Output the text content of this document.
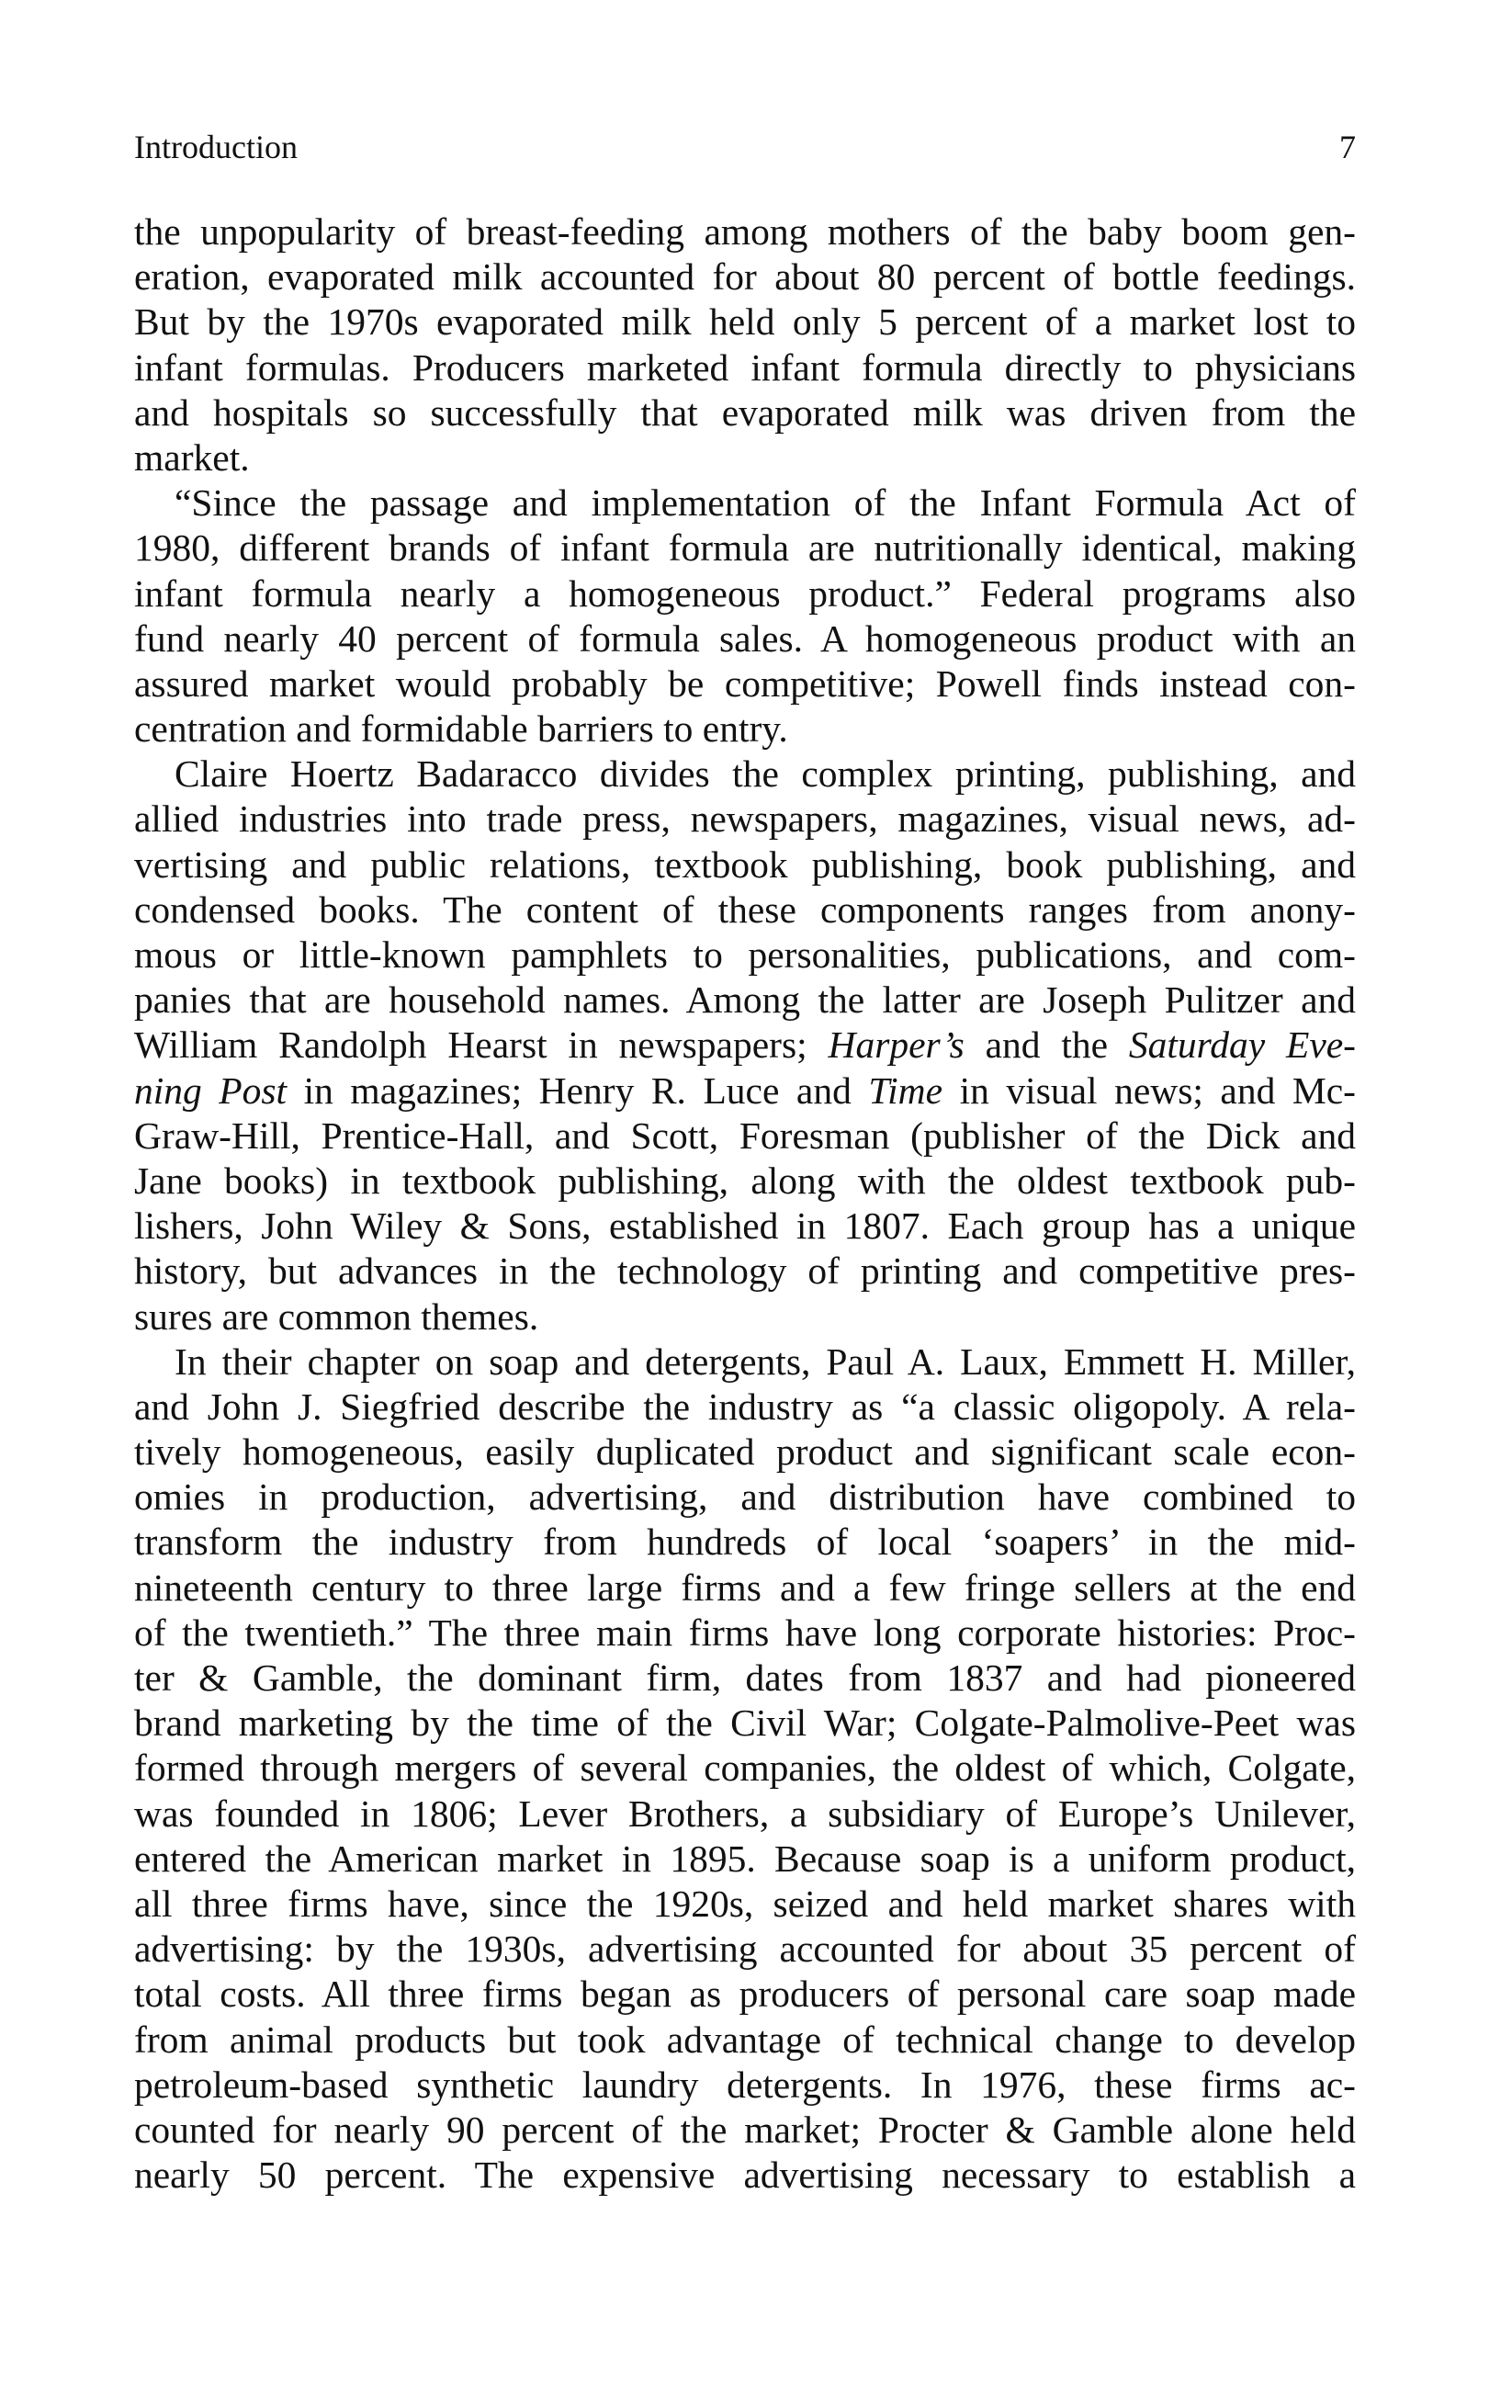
Introduction	7
the unpopularity of breast-feeding among mothers of the baby boom gen-
eration, evaporated milk accounted for about 80 percent of bottle feedings.
But by the 1970s evaporated milk held only 5 percent of a market lost to
infant formulas. Producers marketed infant formula directly to physicians
and hospitals so successfully that evaporated milk was driven from the
market.
“Since the passage and implementation of the Infant Formula Act of
1980, different brands of infant formula are nutritionally identical, making
infant formula nearly a homogeneous product.” Federal programs also
fund nearly 40 percent of formula sales. A homogeneous product with an
assured market would probably be competitive; Powell finds instead con-
centration and formidable barriers to entry.
Claire Hoertz Badaracco divides the complex printing, publishing, and
allied industries into trade press, newspapers, magazines, visual news, ad-
vertising and public relations, textbook publishing, book publishing, and
condensed books. The content of these components ranges from anony-
mous or little-known pamphlets to personalities, publications, and com-
panies that are household names. Among the latter are Joseph Pulitzer and
William Randolph Hearst in newspapers; Harper’s and the Saturday Eve-
ning Post in magazines; Henry R. Luce and Time in visual news; and Mc-
Graw-Hill, Prentice-Hall, and Scott, Foresman (publisher of the Dick and
Jane books) in textbook publishing, along with the oldest textbook pub-
lishers, John Wiley & Sons, established in 1807. Each group has a unique
history, but advances in the technology of printing and competitive pres-
sures are common themes.
In their chapter on soap and detergents, Paul A. Laux, Emmett H. Miller,
and John J. Siegfried describe the industry as “a classic oligopoly. A rela-
tively homogeneous, easily duplicated product and significant scale econ-
omies in production, advertising, and distribution have combined to
transform the industry from hundreds of local ‘soapers’ in the mid-
nineteenth century to three large firms and a few fringe sellers at the end
of the twentieth.” The three main firms have long corporate histories: Proc-
ter & Gamble, the dominant firm, dates from 1837 and had pioneered
brand marketing by the time of the Civil War; Colgate-Palmolive-Peet was
formed through mergers of several companies, the oldest of which, Colgate,
was founded in 1806; Lever Brothers, a subsidiary of Europe’s Unilever,
entered the American market in 1895. Because soap is a uniform product,
all three firms have, since the 1920s, seized and held market shares with
advertising: by the 1930s, advertising accounted for about 35 percent of
total costs. All three firms began as producers of personal care soap made
from animal products but took advantage of technical change to develop
petroleum-based synthetic laundry detergents. In 1976, these firms ac-
counted for nearly 90 percent of the market; Procter & Gamble alone held
nearly 50 percent. The expensive advertising necessary to establish a
